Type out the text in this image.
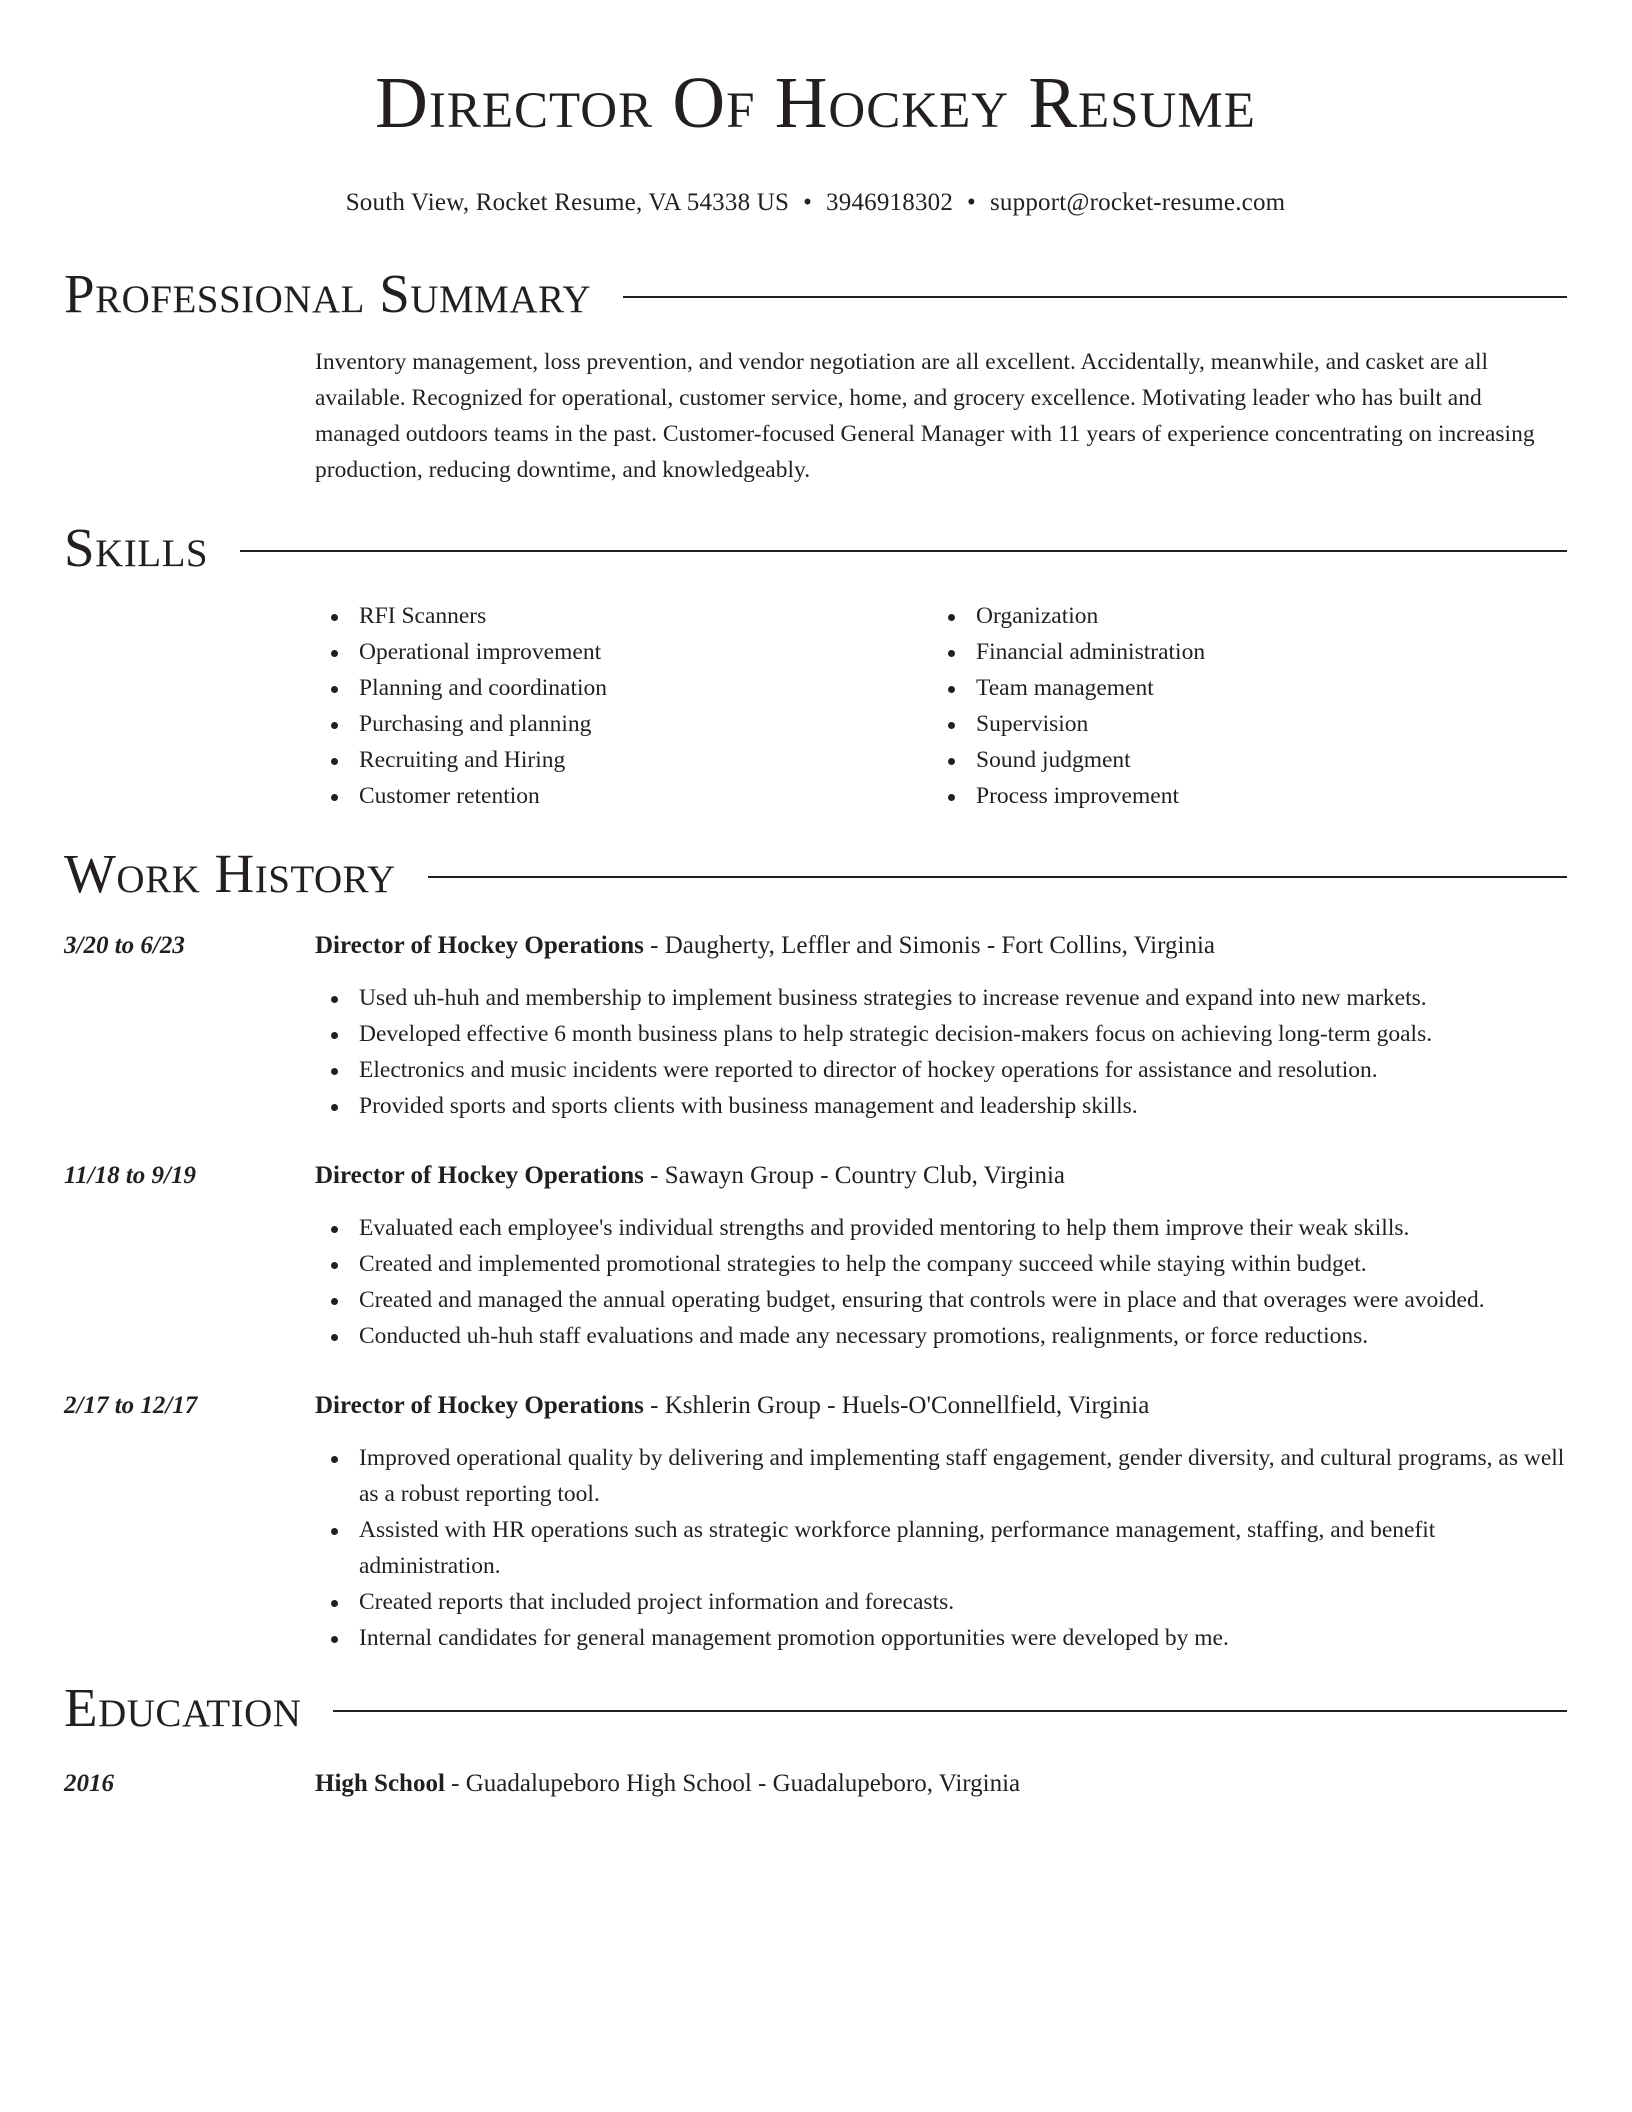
Director Of Hockey Resume
South View, Rocket Resume, VA 54338 US • 3946918302 • support@rocket-resume.com
Professional Summary
Inventory management, loss prevention, and vendor negotiation are all excellent. Accidentally, meanwhile, and casket are all available. Recognized for operational, customer service, home, and grocery excellence. Motivating leader who has built and managed outdoors teams in the past. Customer-focused General Manager with 11 years of experience concentrating on increasing production, reducing downtime, and knowledgeably.
Skills
RFI Scanners
Operational improvement
Planning and coordination
Purchasing and planning
Recruiting and Hiring
Customer retention
Organization
Financial administration
Team management
Supervision
Sound judgment
Process improvement
Work History
3/20 to 6/23	Director of Hockey Operations - Daugherty, Leffler and Simonis - Fort Collins, Virginia
Used uh-huh and membership to implement business strategies to increase revenue and expand into new markets.
Developed effective 6 month business plans to help strategic decision-makers focus on achieving long-term goals.
Electronics and music incidents were reported to director of hockey operations for assistance and resolution.
Provided sports and sports clients with business management and leadership skills.
11/18 to 9/19	Director of Hockey Operations - Sawayn Group - Country Club, Virginia
Evaluated each employee's individual strengths and provided mentoring to help them improve their weak skills.
Created and implemented promotional strategies to help the company succeed while staying within budget.
Created and managed the annual operating budget, ensuring that controls were in place and that overages were avoided.
Conducted uh-huh staff evaluations and made any necessary promotions, realignments, or force reductions.
2/17 to 12/17	Director of Hockey Operations - Kshlerin Group - Huels-O'Connellfield, Virginia
Improved operational quality by delivering and implementing staff engagement, gender diversity, and cultural programs, as well as a robust reporting tool.
Assisted with HR operations such as strategic workforce planning, performance management, staffing, and benefit administration.
Created reports that included project information and forecasts.
Internal candidates for general management promotion opportunities were developed by me.
Education
2016	High School - Guadalupeboro High School - Guadalupeboro, Virginia
